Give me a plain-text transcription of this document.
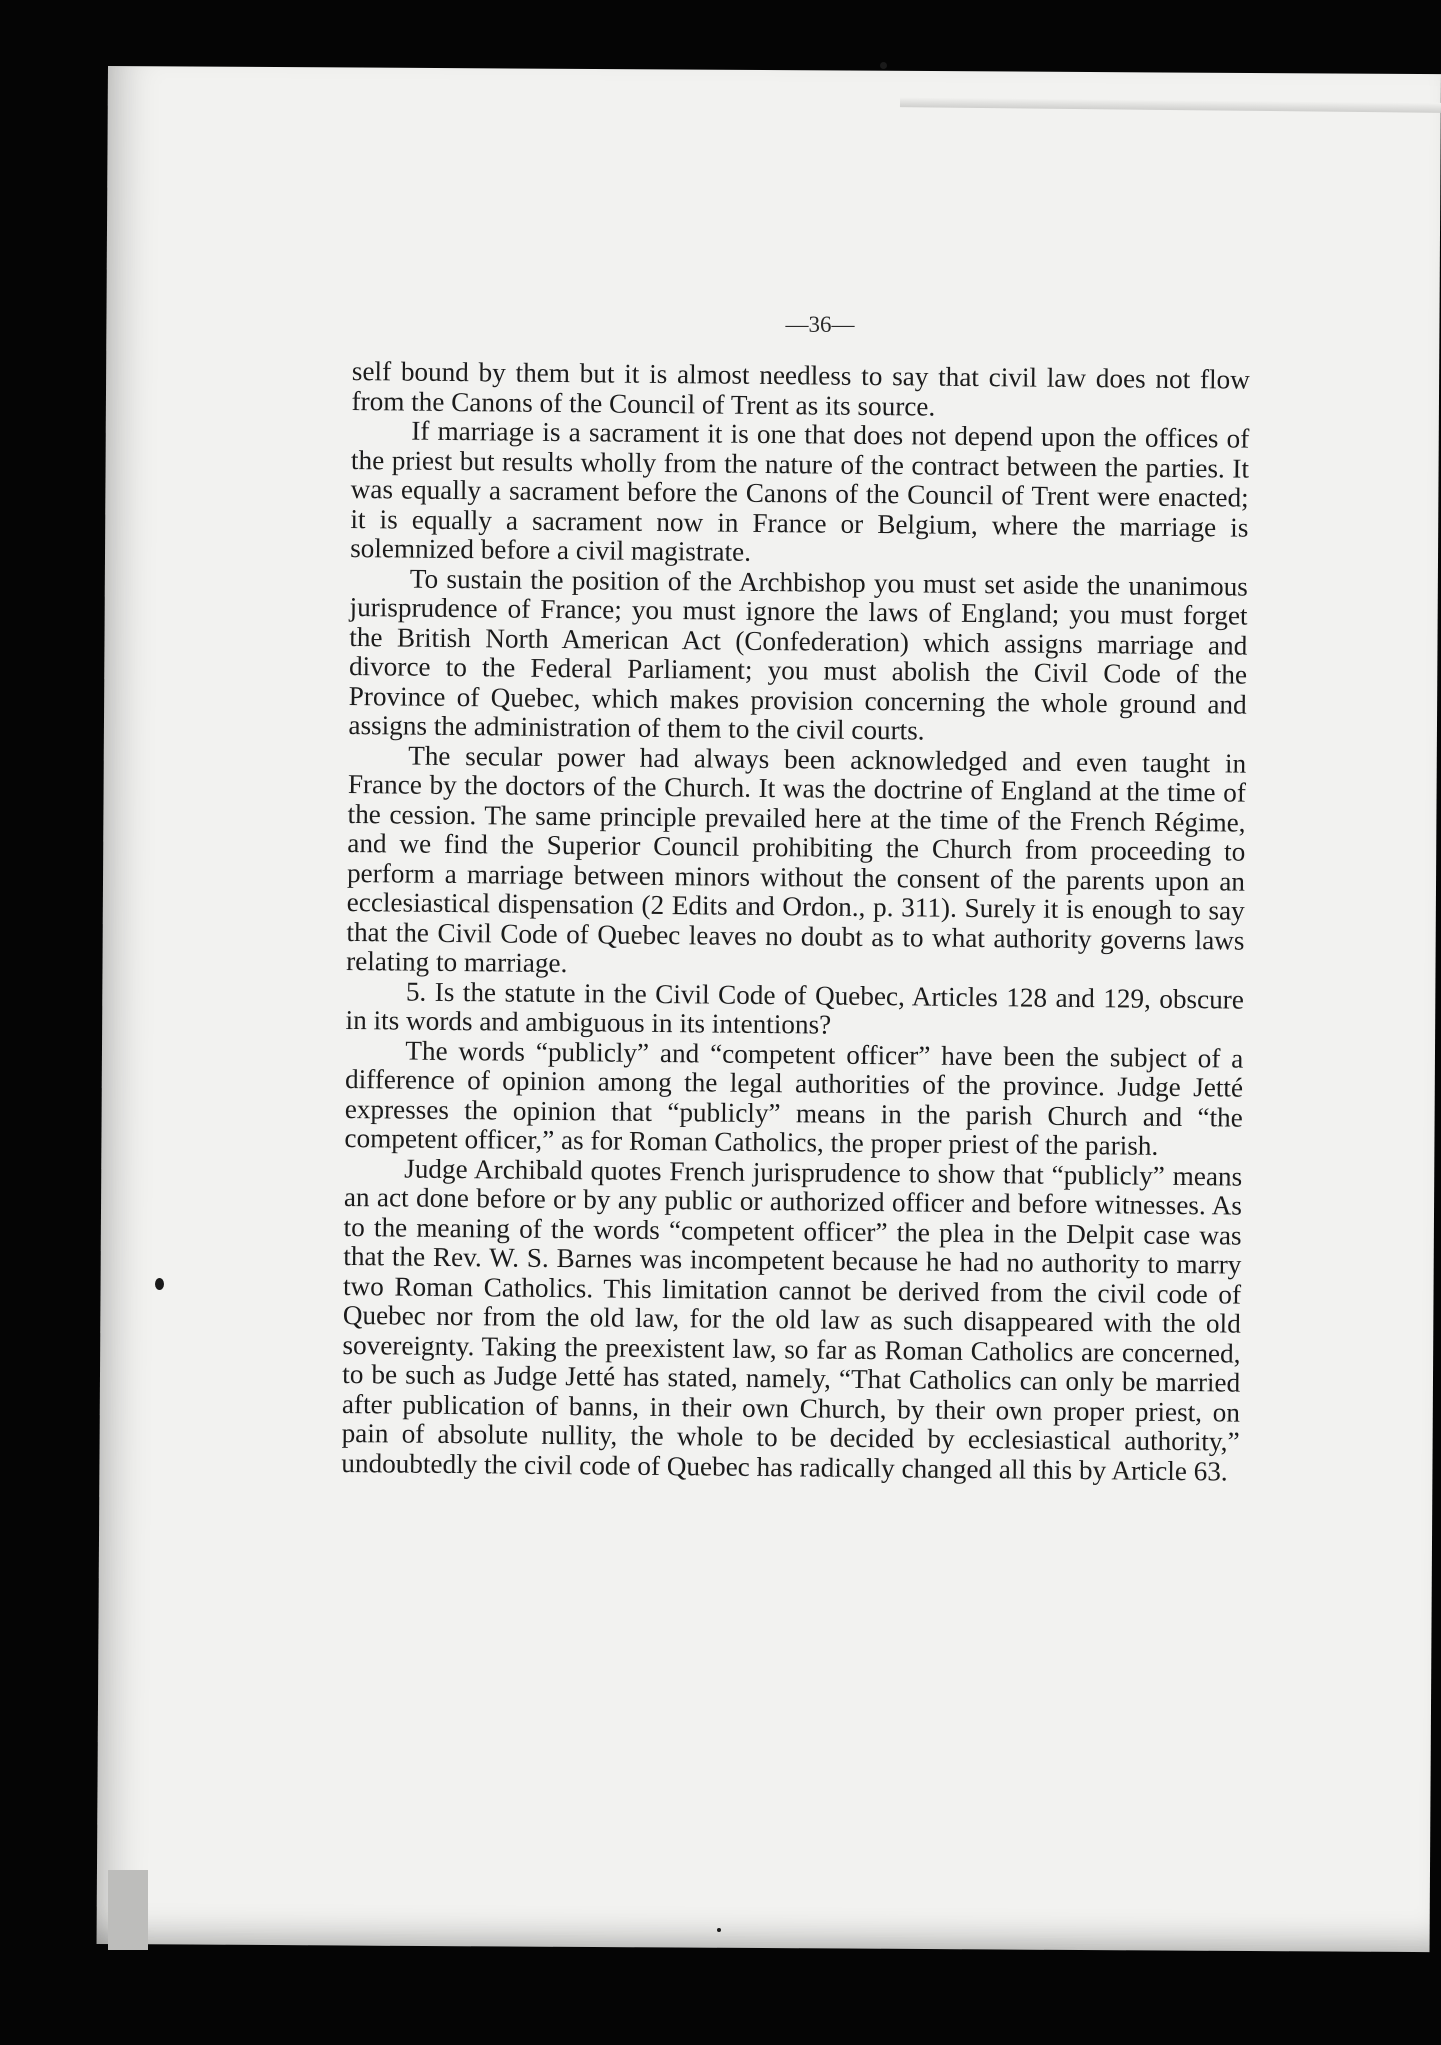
—36—

self bound by them but it is almost needless to say that civil law does not flow from the Canons of the Council of Trent as its source.

If marriage is a sacrament it is one that does not depend upon the offices of the priest but results wholly from the nature of the contract between the parties. It was equally a sacrament before the Canons of the Council of Trent were enacted; it is equally a sacrament now in France or Belgium, where the marriage is solemnized before a civil magistrate.

To sustain the position of the Archbishop you must set aside the unanimous jurisprudence of France; you must ignore the laws of England; you must forget the British North American Act (Confederation) which assigns marriage and divorce to the Federal Parliament; you must abolish the Civil Code of the Province of Quebec, which makes provision concerning the whole ground and assigns the administration of them to the civil courts.

The secular power had always been acknowledged and even taught in France by the doctors of the Church. It was the doctrine of England at the time of the cession. The same principle prevailed here at the time of the French Régime, and we find the Superior Council prohibiting the Church from proceeding to perform a marriage between minors without the consent of the parents upon an ecclesiastical dispensation (2 Edits and Ordon., p. 311). Surely it is enough to say that the Civil Code of Quebec leaves no doubt as to what authority governs laws relating to marriage.

5. Is the statute in the Civil Code of Quebec, Articles 128 and 129, obscure in its words and ambiguous in its intentions?

The words “publicly” and “competent officer” have been the subject of a difference of opinion among the legal authorities of the province. Judge Jetté expresses the opinion that “publicly” means in the parish Church and “the competent officer,” as for Roman Catholics, the proper priest of the parish.

Judge Archibald quotes French jurisprudence to show that “publicly” means an act done before or by any public or authorized officer and before witnesses. As to the meaning of the words “competent officer” the plea in the Delpit case was that the Rev. W. S. Barnes was incompetent because he had no authority to marry two Roman Catholics. This limitation cannot be derived from the civil code of Quebec nor from the old law, for the old law as such disappeared with the old sovereignty. Taking the preexistent law, so far as Roman Catholics are concerned, to be such as Judge Jetté has stated, namely, “That Catholics can only be married after publication of banns, in their own Church, by their own proper priest, on pain of absolute nullity, the whole to be decided by ecclesiastical authority,” undoubtedly the civil code of Quebec has radically changed all this by Article 63.
